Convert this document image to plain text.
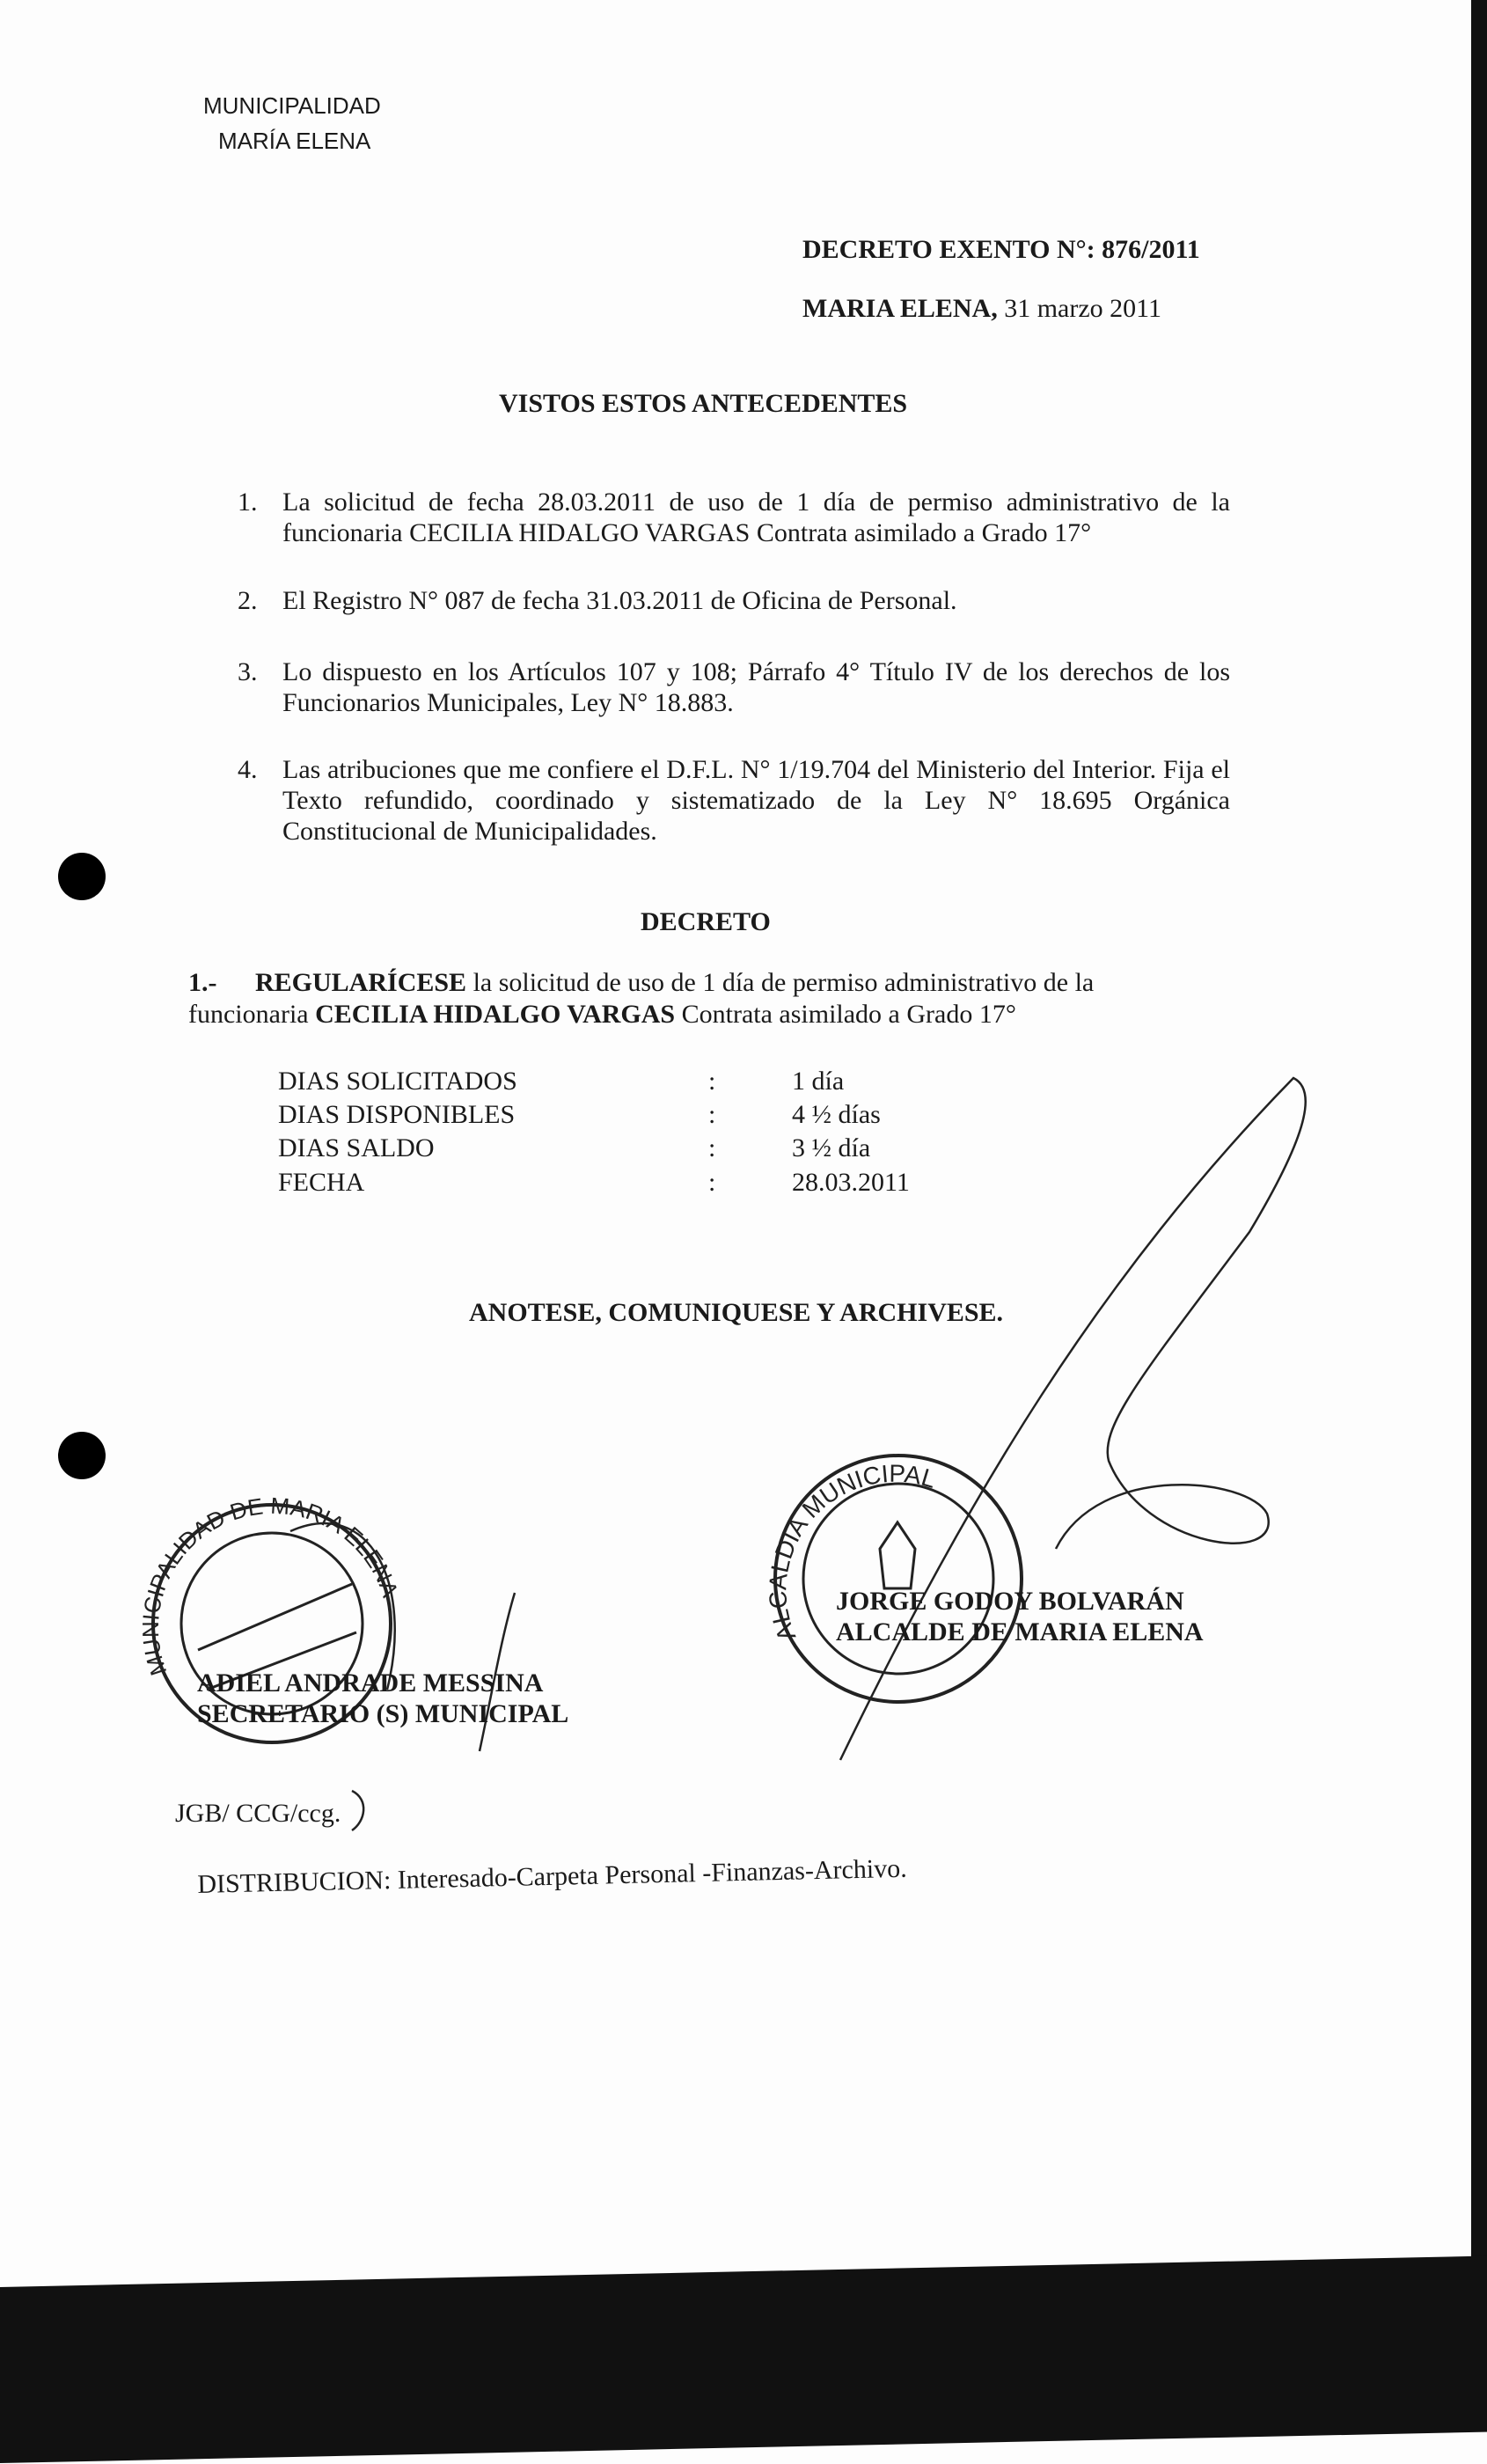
MUNICIPALIDAD
MARÍA ELENA
DECRETO EXENTO N°: 876/2011
MARIA ELENA, 31 marzo 2011
VISTOS ESTOS ANTECEDENTES
1. La solicitud de fecha 28.03.2011 de uso de 1 día de permiso administrativo de la funcionaria CECILIA HIDALGO VARGAS Contrata asimilado a Grado 17°
2. El Registro N° 087 de fecha 31.03.2011 de Oficina de Personal.
3. Lo dispuesto en los Artículos 107 y 108; Párrafo 4° Título IV de los derechos de los Funcionarios Municipales, Ley N° 18.883.
4. Las atribuciones que me confiere el D.F.L. N° 1/19.704 del Ministerio del Interior. Fija el Texto refundido, coordinado y sistematizado de la Ley N° 18.695 Orgánica Constitucional de Municipalidades.
DECRETO
1.- REGULARÍCESE la solicitud de uso de 1 día de permiso administrativo de la
funcionaria CECILIA HIDALGO VARGAS Contrata asimilado a Grado 17°
DIAS SOLICITADOS	:	1 día
DIAS DISPONIBLES	:	4 ½ días
DIAS SALDO	:	3 ½ día
FECHA	:	28.03.2011
ANOTESE, COMUNIQUESE Y ARCHIVESE.
MUNICIPALIDAD DE MARIA ELENA
ALCALDIA MUNICIPAL
ADIEL ANDRADE MESSINA
SECRETARIO (S) MUNICIPAL
JORGE GODOY BOLVARÁN
ALCALDE DE MARIA ELENA
JGB/ CCG/ccg.
DISTRIBUCION: Interesado-Carpeta Personal -Finanzas-Archivo.
